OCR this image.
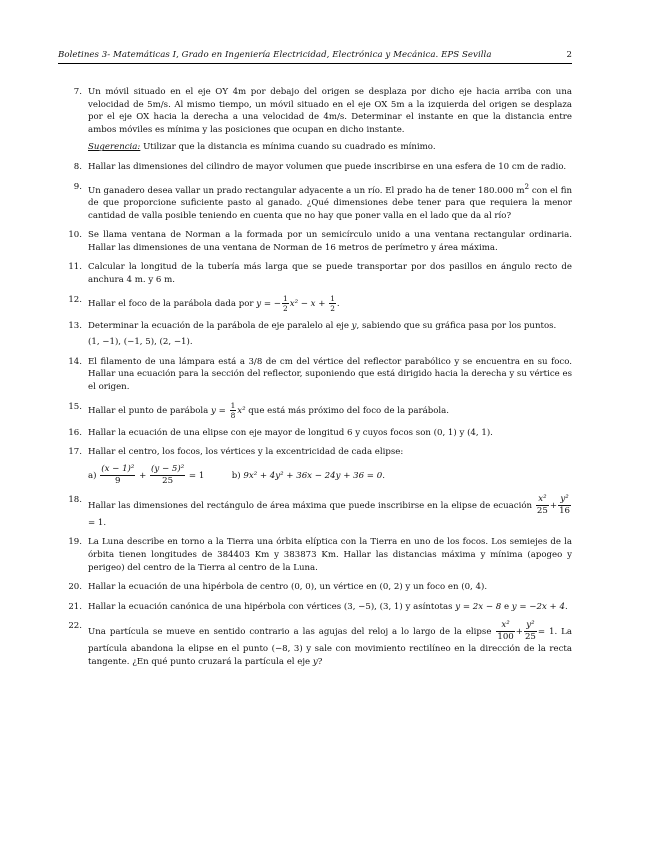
Boletines 3- Matemáticas I, Grado en Ingeniería Electricidad, Electrónica y Mecánica. EPS Sevilla	2
7. Un móvil situado en el eje OY 4m por debajo del origen se desplaza por dicho eje hacia arriba con una velocidad de 5m/s. Al mismo tiempo, un móvil situado en el eje OX 5m a la izquierda del origen se desplaza por el eje OX hacia la derecha a una velocidad de 4m/s. Determinar el instante en que la distancia entre ambos móviles es mínima y las posiciones que ocupan en dicho instante.
Sugerencia: Utilizar que la distancia es mínima cuando su cuadrado es mínimo.
8. Hallar las dimensiones del cilindro de mayor volumen que puede inscribirse en una esfera de 10 cm de radio.
9. Un ganadero desea vallar un prado rectangular adyacente a un río. El prado ha de tener 180.000 $m^2$ con el fin de que proporcione suficiente pasto al ganado. ¿Qué dimensiones debe tener para que requiera la menor cantidad de valla posible teniendo en cuenta que no hay que poner valla en el lado que da al río?
10. Se llama ventana de Norman a la formada por un semicírculo unido a una ventana rectangular ordinaria. Hallar las dimensiones de una ventana de Norman de 16 metros de perímetro y área máxima.
11. Calcular la longitud de la tubería más larga que se puede transportar por dos pasillos en ángulo recto de anchura 4 m. y 6 m.
12. Hallar el foco de la parábola dada por y = − $\frac{1}{2} x^2 - x + \frac{1}{2}$ .
13. Determinar la ecuación de la parábola de eje paralelo al eje y, sabiendo que su gráfica pasa por los puntos.
(1, −1), (−1, 5), (2, −1).
14. El filamento de una lámpara está a 3/8 de cm del vértice del reflector parabólico y se encuentra en su foco. Hallar una ecuación para la sección del reflector, suponiendo que está dirigido hacia la derecha y su vértice es el origen.
15. Hallar el punto de parábola $y = \frac{1}{8} x^2$ que está más próximo del foco de la parábola.
16. Hallar la ecuación de una elipse con eje mayor de longitud 6 y cuyos focos son (0, 1) y (4, 1).
17. Hallar el centro, los focos, los vértices y la excentricidad de cada elipse:
$a) \frac{\text{(x − 1)²}}{9} + \frac{\text{(y − 5)²}}{25} = 1$	b) 9x² + 4y² + 36x − 24y + 36 = 0.
18.
Hallar las dimensiones del rectángulo de área máxima que puede inscribirse en la elipse de ecuación $\frac{\text{x²}}{25} + \frac{\text{y²}}{16}$
= 1.
19. La Luna describe en torno a la Tierra una órbita elíptica con la Tierra en uno de los focos. Los semiejes de la órbita tienen longitudes de 384403 Km y 383873 Km. Hallar las distancias máxima y mínima (apogeo y perigeo) del centro de la Tierra al centro de la Luna.
20. Hallar la ecuación de una hipérbola de centro (0, 0), un vértice en (0, 2) y un foco en (0, 4).
21. Hallar la ecuación canónica de una hipérbola con vértices (3, −5), (3, 1) y asíntotas y = 2x − 8 e y = −2x + 4.
22.
Una partícula se mueve en sentido contrario a las agujas del reloj a lo largo de la elipse $\frac{\text{x²}}{100} + \frac{\text{y²}}{25} = 1$. La partícula abandona la elipse en el punto (−8, 3) y sale con movimiento rectilíneo en la dirección de la recta tangente. ¿En qué punto cruzará la partícula el eje y?
